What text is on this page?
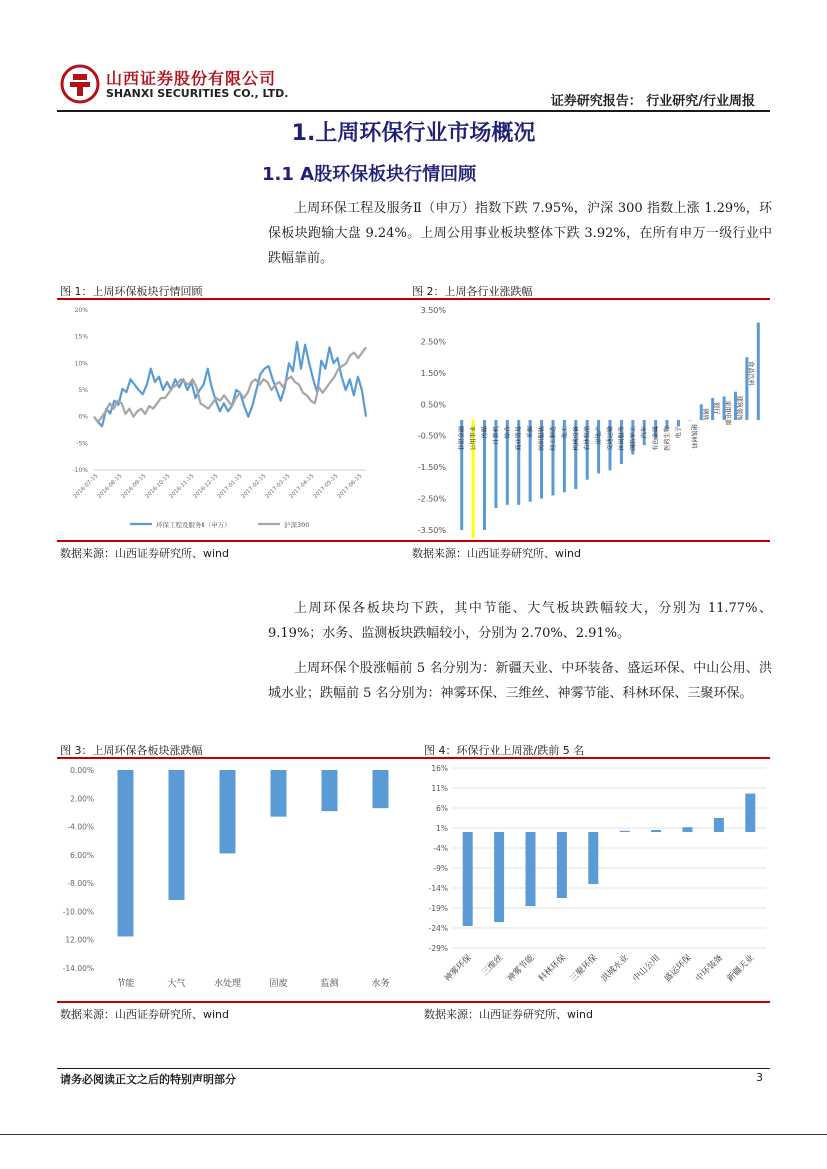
山西证券股份有限公司
SHANXI SECURITIES CO., LTD.
证券研究报告： 行业研究/行业周报
1.上周环保行业市场概况
1.1 A股环保板块行情回顾
上周环保工程及服务Ⅱ（申万）指数下跌 7.95%，沪深 300 指数上涨 1.29%，环保板块跑输大盘 9.24%。上周公用事业板块整体下跌 3.92%，在所有申万一级行业中跌幅靠前。
图 1：上周环保板块行情回顾	图 2：上周各行业涨跌幅
20%
15%
10%
5%
0%
-5%
-10%
2016-07-15
2016-08-15
2016-09-15
2016-10-15
2016-11-15
2016-12-15
2017-01-15
2017-02-15
2017-03-15
2017-04-15
2017-05-15
2017-06-15
环保工程及服务Ⅱ（申万）	沪深300
3.50%
2.50%
1.50%
0.50%
-0.50%
-1.50%
-2.50%
-3.50%
非银金融 公用事业 传媒 计算机 综合 商业贸易 采掘 纺织服装 轻工制造 化工 机械设备 农林牧渔 房地产 交通运输 休闲服务 国防军工 汽车 有色金属 医药生物 电子 建筑材料
钢铁
银行 家用电器 建筑装饰
食品饮料
数据来源：山西证券研究所、wind	数据来源：山西证券研究所、wind
上周环保各板块均下跌，其中节能、大气板块跌幅较大，分别为 11.77%、9.19%；水务、监测板块跌幅较小，分别为 2.70%、2.91%。
上周环保个股涨幅前 5 名分别为：新疆天业、中环装备、盛运环保、中山公用、洪城水业；跌幅前 5 名分别为：神雾环保、三维丝、神雾节能、科林环保、三聚环保。
图 3：上周环保各板块涨跌幅	图 4：环保行业上周涨/跌前 5 名
0.00%
2.00%
-4.00%
6.00%
-8.00%
-10.00%
12.00%
-14.00%
节能	大气	水处理	固废	监测	水务
16%
11%
6%
1%
-4%
-9%
-14%
-19%
-24%
-29%
神雾环保 三维丝 神雾节能 科林环保 三聚环保 洪城水业 中山公用 盛运环保 中环装备 新疆天业
数据来源：山西证券研究所、wind	数据来源：山西证券研究所、wind
请务必阅读正文之后的特别声明部分	3
